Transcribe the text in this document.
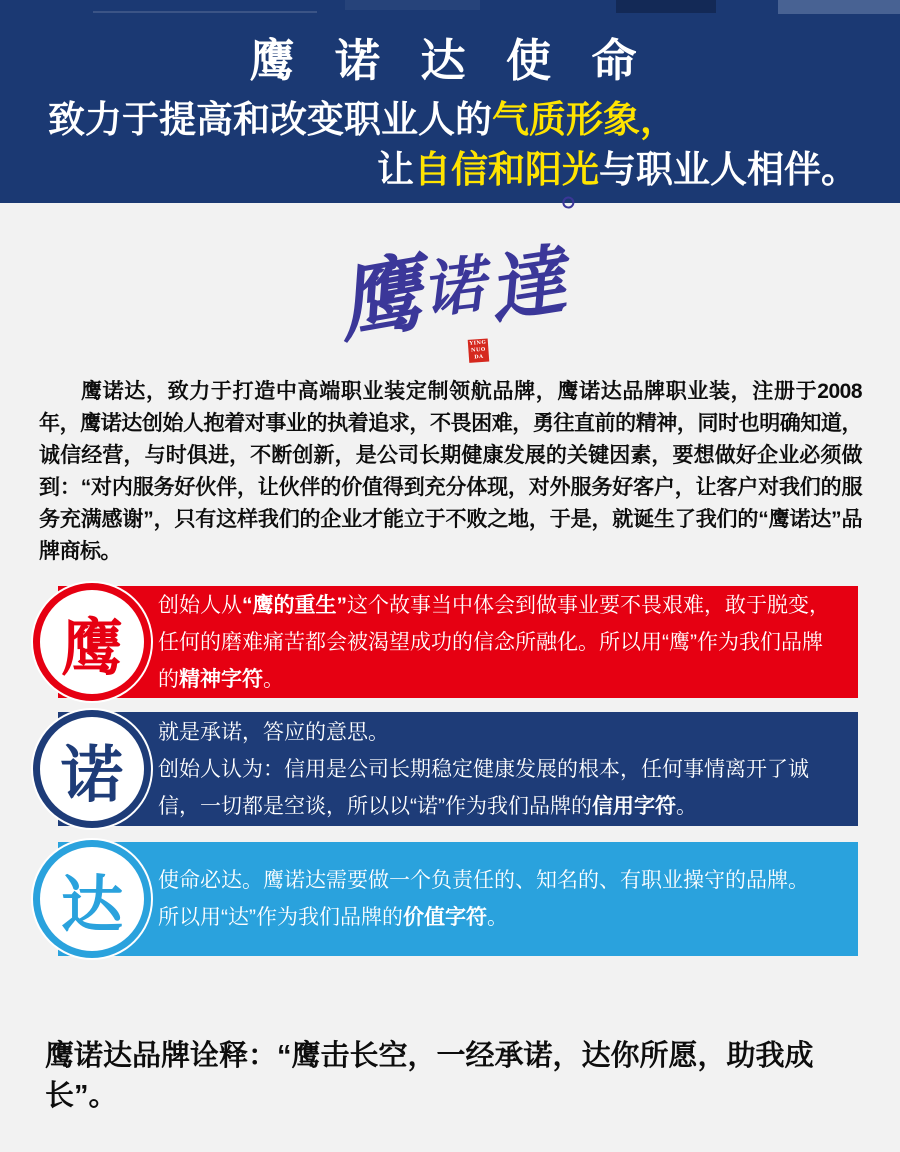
鹰 诺 达 使 命
致力于提高和改变职业人的气质形象，
让自信和阳光与职业人相伴。
鹰诺達
YING
NUO
DA
鹰诺达，致力于打造中高端职业装定制领航品牌，鹰诺达品牌职业装，注册于2008年，鹰诺达创始人抱着对事业的执着追求，不畏困难，勇往直前的精神，同时也明确知道，诚信经营，与时俱进，不断创新，是公司长期健康发展的关键因素，要想做好企业必须做到：“对内服务好伙伴，让伙伴的价值得到充分体现，对外服务好客户，让客户对我们的服务充满感谢”，只有这样我们的企业才能立于不败之地，于是，就诞生了我们的“鹰诺达”品牌商标。
鹰
创始人从“鹰的重生”这个故事当中体会到做事业要不畏艰难，敢于脱变，任何的磨难痛苦都会被渴望成功的信念所融化。所以用“鹰”作为我们品牌的精神字符。
诺
就是承诺，答应的意思。
创始人认为：信用是公司长期稳定健康发展的根本，任何事情离开了诚信，一切都是空谈，所以以“诺”作为我们品牌的信用字符。
达	使命必达。鹰诺达需要做一个负责任的、知名的、有职业操守的品牌。
所以用“达”作为我们品牌的价值字符。
鹰诺达品牌诠释：“鹰击长空，一经承诺，达你所愿，助我成长”。
